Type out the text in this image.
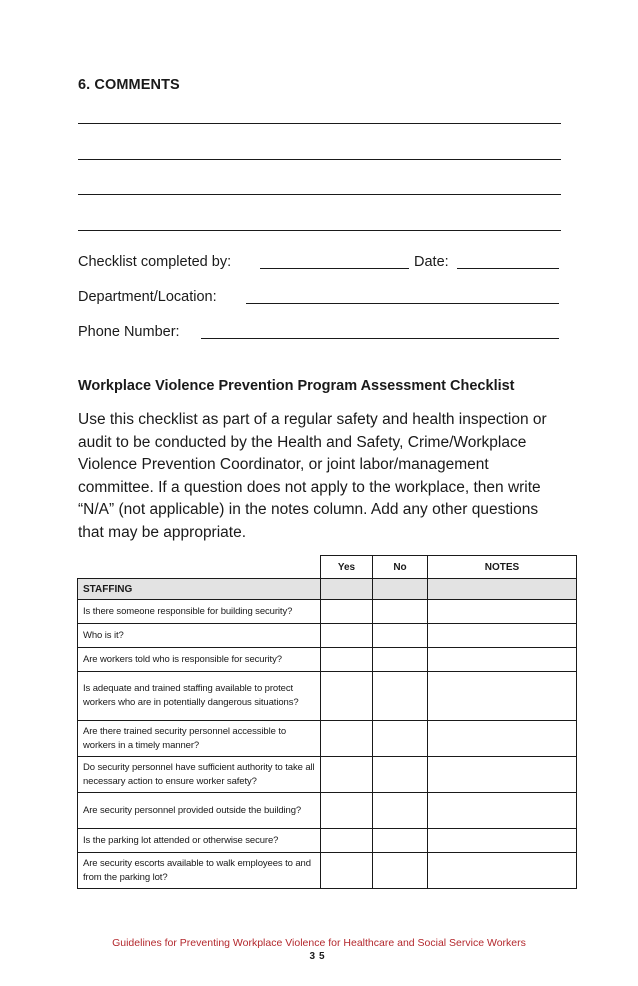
6. COMMENTS
Checklist completed by:	Date:
Department/Location:
Phone Number:
Workplace Violence Prevention Program Assessment Checklist

Use this checklist as part of a regular safety and health inspection or audit to be conducted by the Health and Safety, Crime/Workplace Violence Prevention Coordinator, or joint labor/management committee. If a question does not apply to the workplace, then write “N/A” (not applicable) in the notes column. Add any other questions that may be appropriate.

	Yes	No	NOTES
STAFFING			
Is there someone responsible for building security?			
Who is it?			
Are workers told who is responsible for security?			
Is adequate and trained staffing available to protect workers who are in potentially dangerous situations?			
Are there trained security personnel accessible to workers in a timely manner?			
Do security personnel have sufficient authority to take all necessary action to ensure worker safety?			
Are security personnel provided outside the building?			
Is the parking lot attended or otherwise secure?			
Are security escorts available to walk employees to and from the parking lot?			
Guidelines for Preventing Workplace Violence for Healthcare and Social Service Workers
35
